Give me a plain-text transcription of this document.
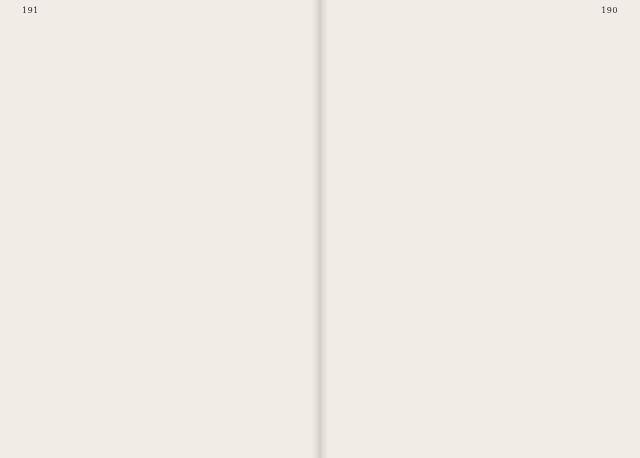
191	190
